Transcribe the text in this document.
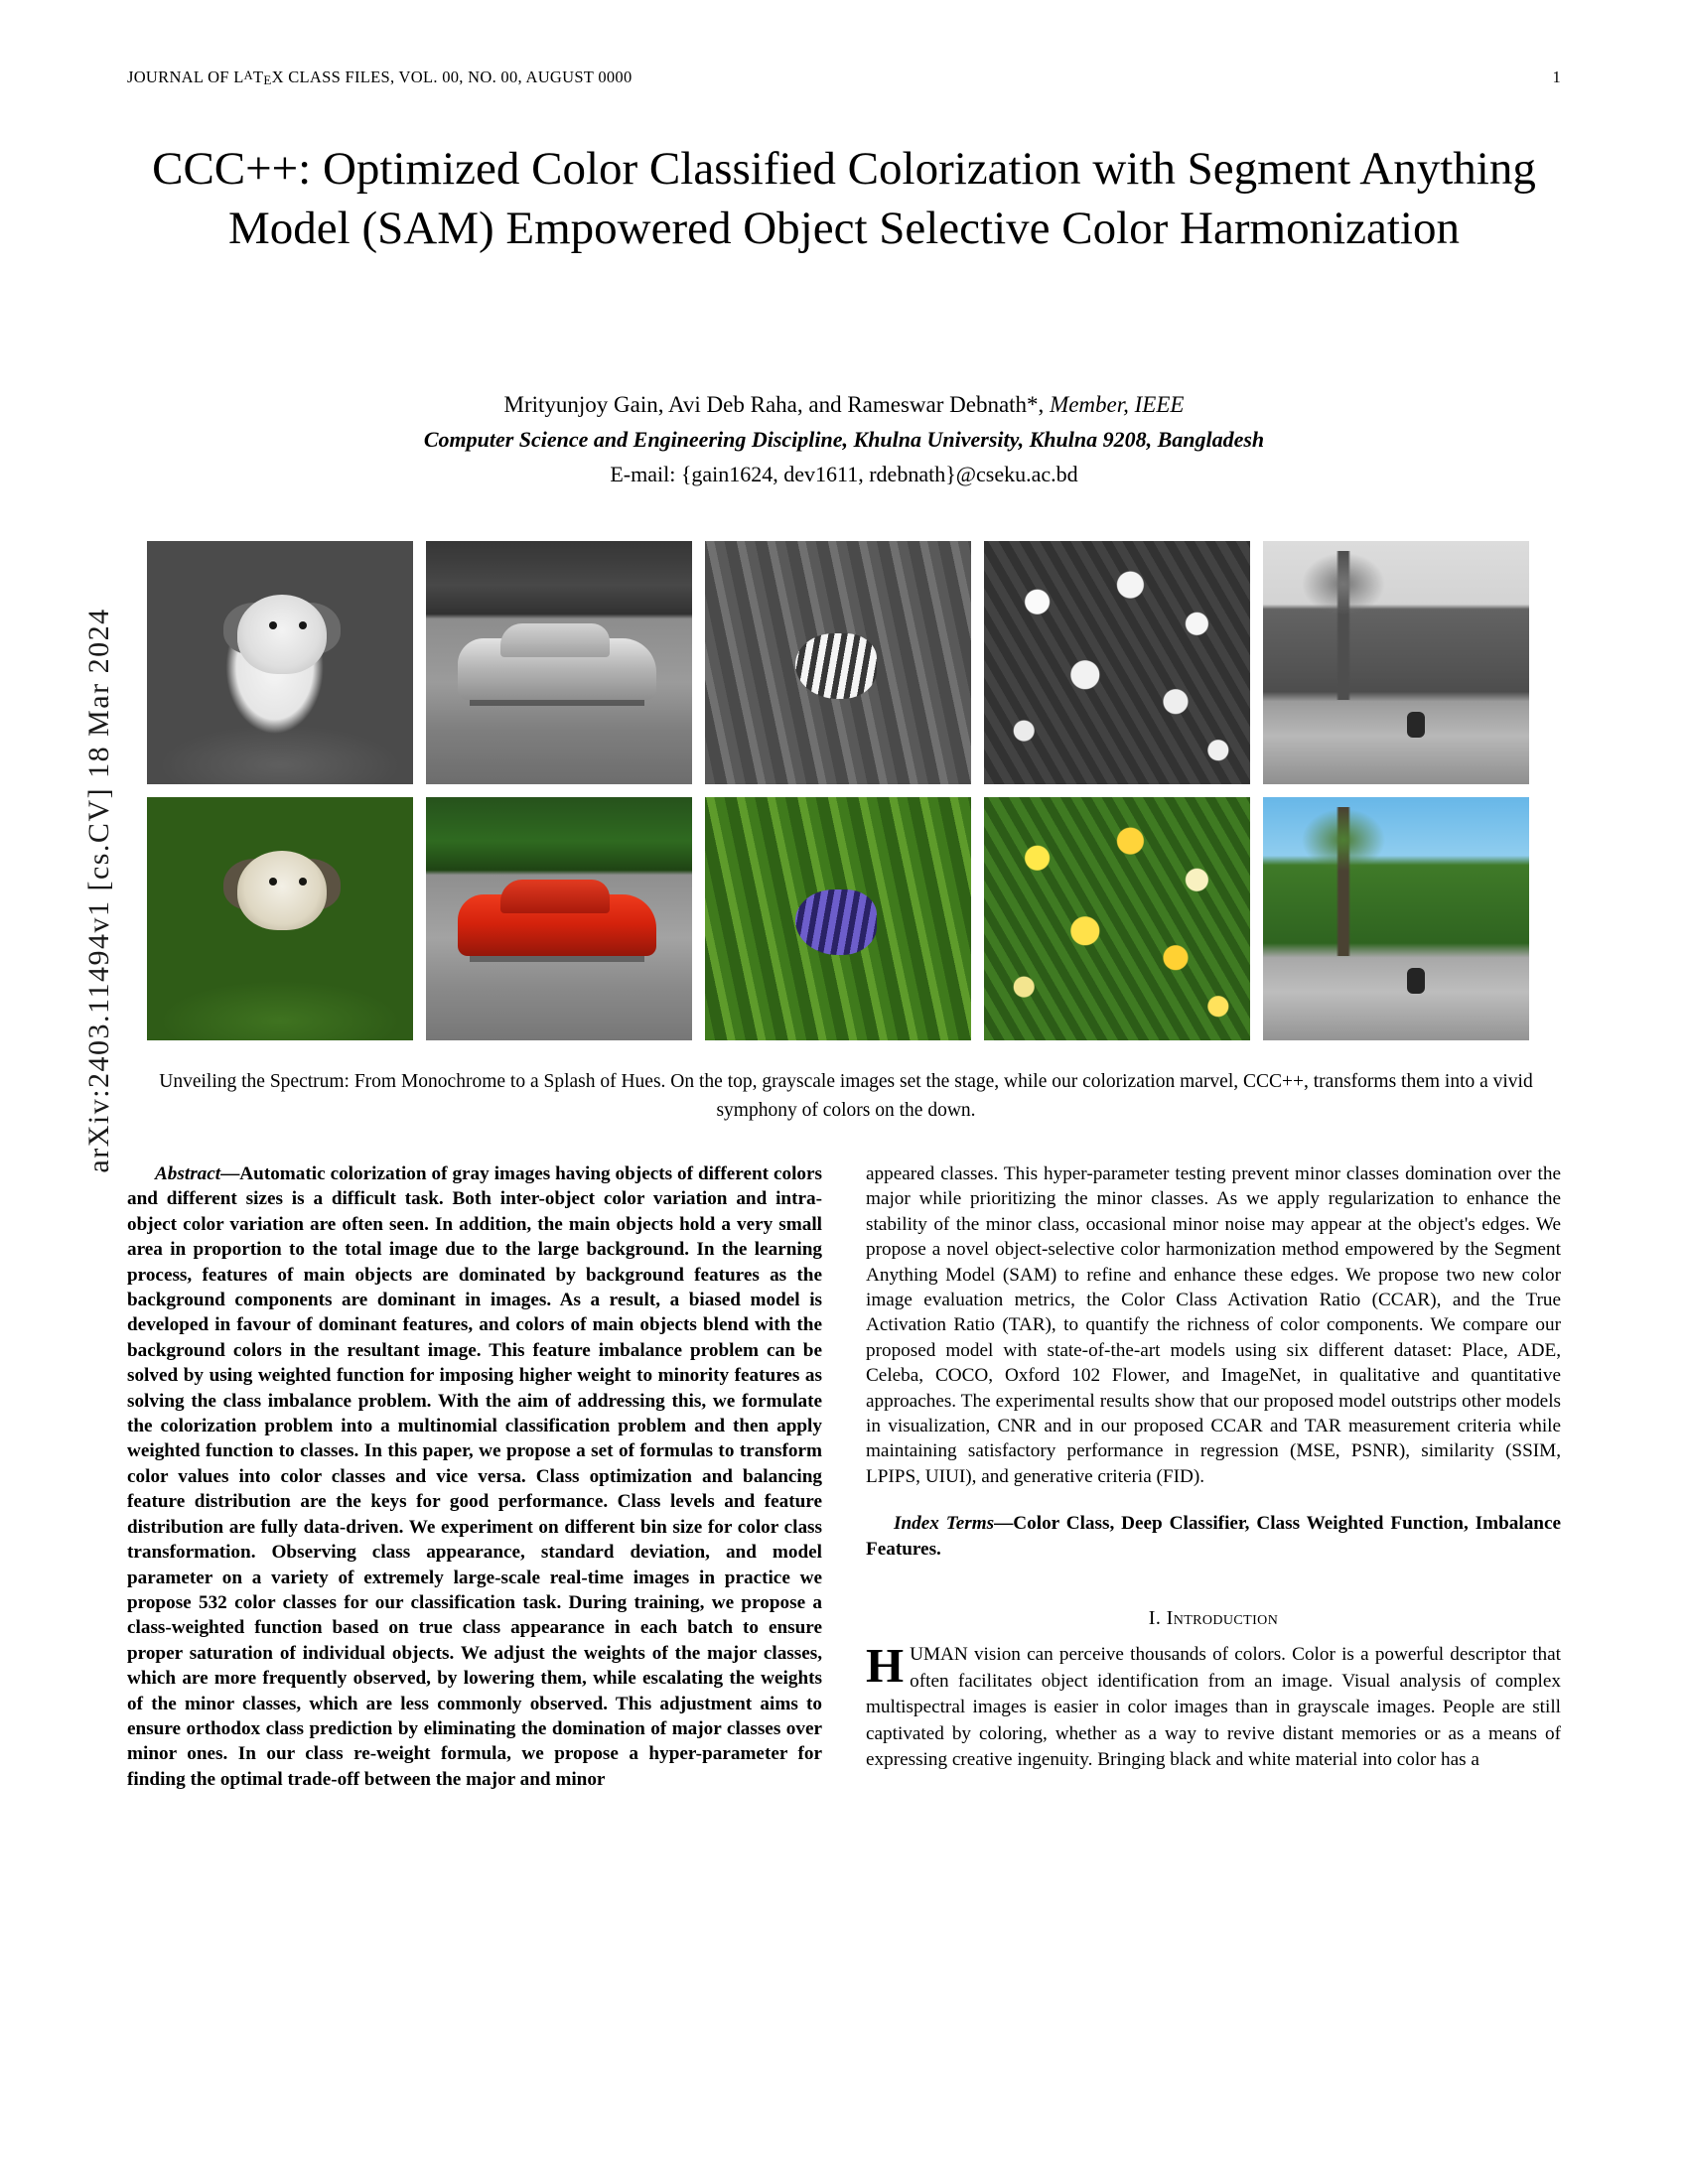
arXiv:2403.11494v1 [cs.CV] 18 Mar 2024
JOURNAL OF LATEX CLASS FILES, VOL. 00, NO. 00, AUGUST 0000	1
CCC++: Optimized Color Classified Colorization with Segment Anything Model (SAM) Empowered Object Selective Color Harmonization
Mrityunjoy Gain, Avi Deb Raha, and Rameswar Debnath*, Member, IEEE
Computer Science and Engineering Discipline, Khulna University, Khulna 9208, Bangladesh
E-mail: {gain1624, dev1611, rdebnath}@cseku.ac.bd
Unveiling the Spectrum: From Monochrome to a Splash of Hues. On the top, grayscale images set the stage, while our colorization marvel, CCC++, transforms them into a vivid symphony of colors on the down.

Abstract—Automatic colorization of gray images having objects of different colors and different sizes is a difficult task. Both inter-object color variation and intra-object color variation are often seen. In addition, the main objects hold a very small area in proportion to the total image due to the large background. In the learning process, features of main objects are dominated by background features as the background components are dominant in images. As a result, a biased model is developed in favour of dominant features, and colors of main objects blend with the background colors in the resultant image. This feature imbalance problem can be solved by using weighted function for imposing higher weight to minority features as solving the class imbalance problem. With the aim of addressing this, we formulate the colorization problem into a multinomial classification problem and then apply weighted function to classes. In this paper, we propose a set of formulas to transform color values into color classes and vice versa. Class optimization and balancing feature distribution are the keys for good performance. Class levels and feature distribution are fully data-driven. We experiment on different bin size for color class transformation. Observing class appearance, standard deviation, and model parameter on a variety of extremely large-scale real-time images in practice we propose 532 color classes for our classification task. During training, we propose a class-weighted function based on true class appearance in each batch to ensure proper saturation of individual objects. We adjust the weights of the major classes, which are more frequently observed, by lowering them, while escalating the weights of the minor classes, which are less commonly observed. This adjustment aims to ensure orthodox class prediction by eliminating the domination of major classes over minor ones. In our class re-weight formula, we propose a hyper-parameter for finding the optimal trade-off between the major and minor

appeared classes. This hyper-parameter testing prevent minor classes domination over the major while prioritizing the minor classes. As we apply regularization to enhance the stability of the minor class, occasional minor noise may appear at the object's edges. We propose a novel object-selective color harmonization method empowered by the Segment Anything Model (SAM) to refine and enhance these edges. We propose two new color image evaluation metrics, the Color Class Activation Ratio (CCAR), and the True Activation Ratio (TAR), to quantify the richness of color components. We compare our proposed model with state-of-the-art models using six different dataset: Place, ADE, Celeba, COCO, Oxford 102 Flower, and ImageNet, in qualitative and quantitative approaches. The experimental results show that our proposed model outstrips other models in visualization, CNR and in our proposed CCAR and TAR measurement criteria while maintaining satisfactory performance in regression (MSE, PSNR), similarity (SSIM, LPIPS, UIUI), and generative criteria (FID).

Index Terms—Color Class, Deep Classifier, Class Weighted Function, Imbalance Features.

I. Introduction

HUMAN vision can perceive thousands of colors. Color is a powerful descriptor that often facilitates object identification from an image. Visual analysis of complex multispectral images is easier in color images than in grayscale images. People are still captivated by coloring, whether as a way to revive distant memories or as a means of expressing creative ingenuity. Bringing black and white material into color has a
